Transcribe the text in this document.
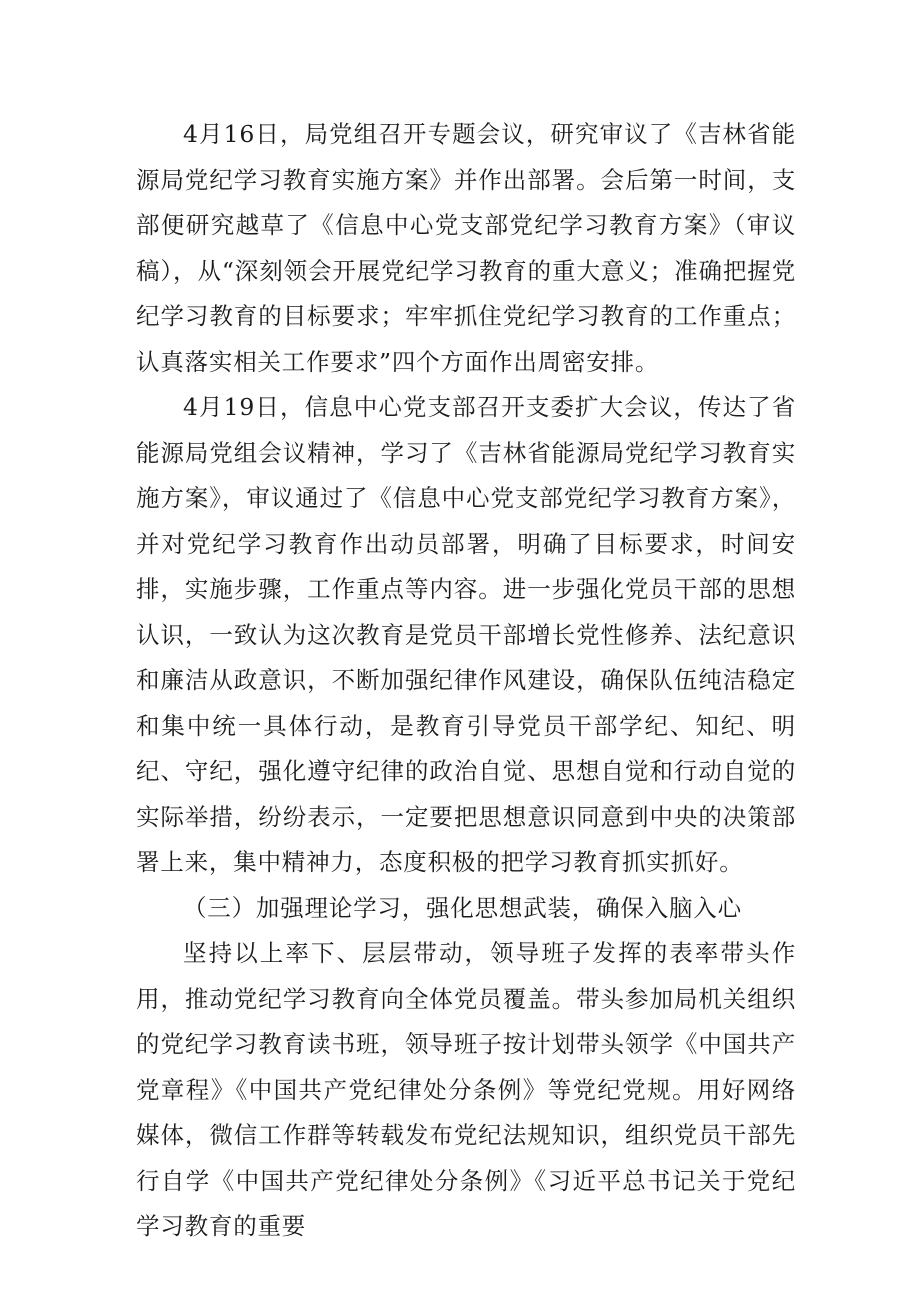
4月16日，局党组召开专题会议，研究审议了《吉林省能源局党纪学习教育实施方案》并作出部署。会后第一时间，支部便研究越草了《信息中心党支部党纪学习教育方案》（审议稿），从“深刻领会开展党纪学习教育的重大意义；准确把握党纪学习教育的目标要求；牢牢抓住党纪学习教育的工作重点；认真落实相关工作要求”四个方面作出周密安排。

4月19日，信息中心党支部召开支委扩大会议，传达了省能源局党组会议精神，学习了《吉林省能源局党纪学习教育实施方案》，审议通过了《信息中心党支部党纪学习教育方案》，并对党纪学习教育作出动员部署，明确了目标要求，时间安排，实施步骤，工作重点等内容。进一步强化党员干部的思想认识，一致认为这次教育是党员干部增长党性修养、法纪意识和廉洁从政意识，不断加强纪律作风建设，确保队伍纯洁稳定和集中统一具体行动，是教育引导党员干部学纪、知纪、明纪、守纪，强化遵守纪律的政治自觉、思想自觉和行动自觉的实际举措，纷纷表示，一定要把思想意识同意到中央的决策部署上来，集中精神力，态度积极的把学习教育抓实抓好。

（三）加强理论学习，强化思想武装，确保入脑入心

坚持以上率下、层层带动，领导班子发挥的表率带头作用，推动党纪学习教育向全体党员覆盖。带头参加局机关组织的党纪学习教育读书班，领导班子按计划带头领学《中国共产党章程》《中国共产党纪律处分条例》等党纪党规。用好网络媒体，微信工作群等转载发布党纪法规知识，组织党员干部先行自学《中国共产党纪律处分条例》《习近平总书记关于党纪学习教育的重要
